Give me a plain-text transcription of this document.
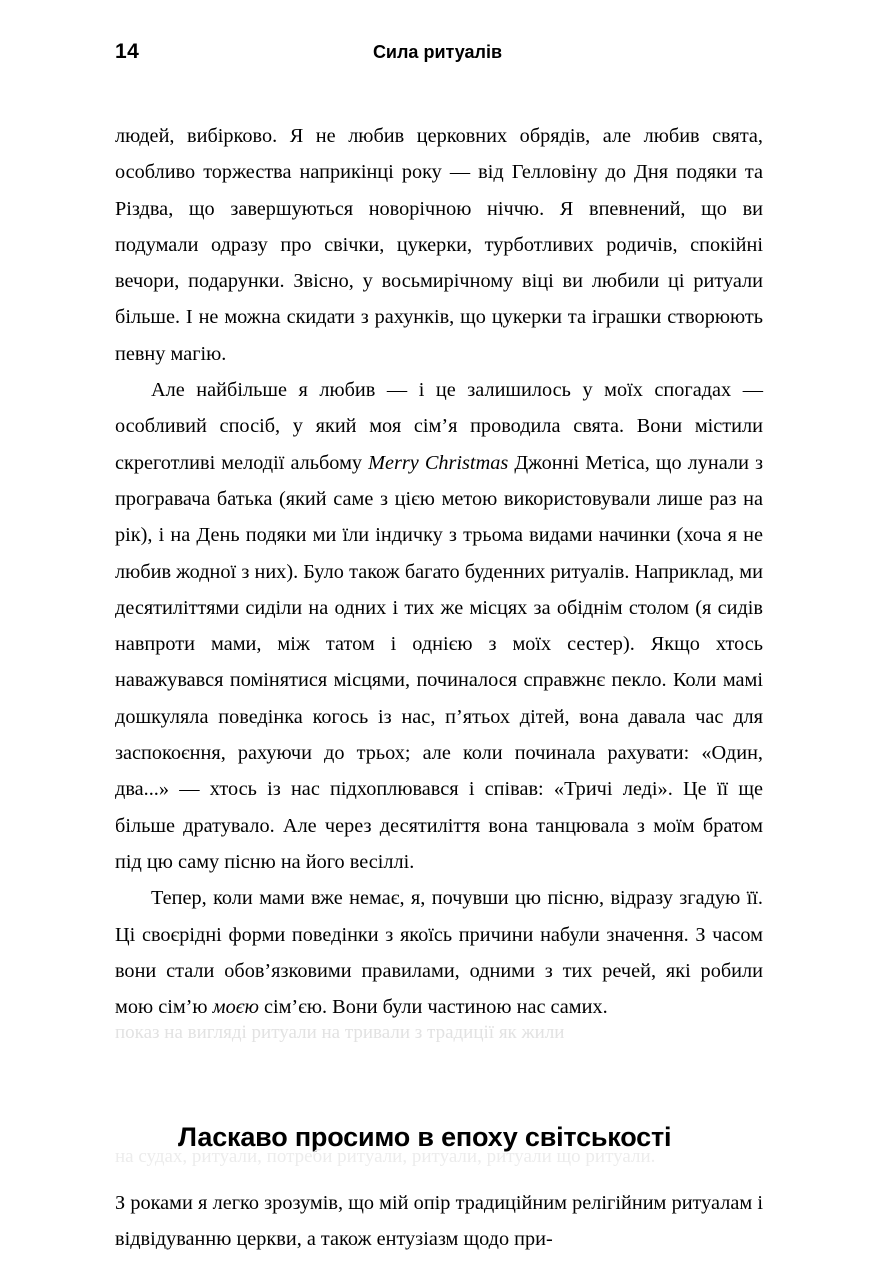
14	Сила ритуалів

людей, вибірково. Я не любив церковних обрядів, але любив свята, особливо торжества наприкінці року — від Гелловіну до Дня подяки та Різдва, що завершуються новорічною ніччю. Я впевнений, що ви подумали одразу про свічки, цукерки, турботливих родичів, спокійні вечори, подарунки. Звісно, у восьмирічному віці ви любили ці ритуали більше. І не можна скидати з рахунків, що цукерки та іграшки створюють певну магію.

Але найбільше я любив — і це залишилось у моїх спогадах — особливий спосіб, у який моя сім’я проводила свята. Вони містили скреготливі мелодії альбому Merry Christmas Джонні Метіса, що лунали з програвача батька (який саме з цією метою використовували лише раз на рік), і на День подяки ми їли індичку з трьома видами начинки (хоча я не любив жодної з них). Було також багато буденних ритуалів. Наприклад, ми десятиліттями сиділи на одних і тих же місцях за обіднім столом (я сидів навпроти мами, між татом і однією з моїх сестер). Якщо хтось наважувався помінятися місцями, починалося справжнє пекло. Коли мамі дошкуляла поведінка когось із нас, п’ятьох дітей, вона давала час для заспокоєння, рахуючи до трьох; але коли починала рахувати: «Один, два...» — хтось із нас підхоплювався і співав: «Тричі леді». Це її ще більше дратувало. Але через десятиліття вона танцювала з моїм братом під цю саму пісню на його весіллі.

Тепер, коли мами вже немає, я, почувши цю пісню, відразу згадую її. Ці своєрідні форми поведінки з якоїсь причини набули значення. З часом вони стали обов’язковими правилами, одними з тих речей, які робили мою сім’ю моєю сім’єю. Вони були частиною нас самих.

показ на вигляді ритуали на тривали з традиції як жили
Ласкаво просимо в епоху світськості
на судах, ритуали, потреби ритуали, ритуали, ритуали що ритуали.

З роками я легко зрозумів, що мій опір традиційним релігійним ритуалам і відвідуванню церкви, а також ентузіазм щодо при-
